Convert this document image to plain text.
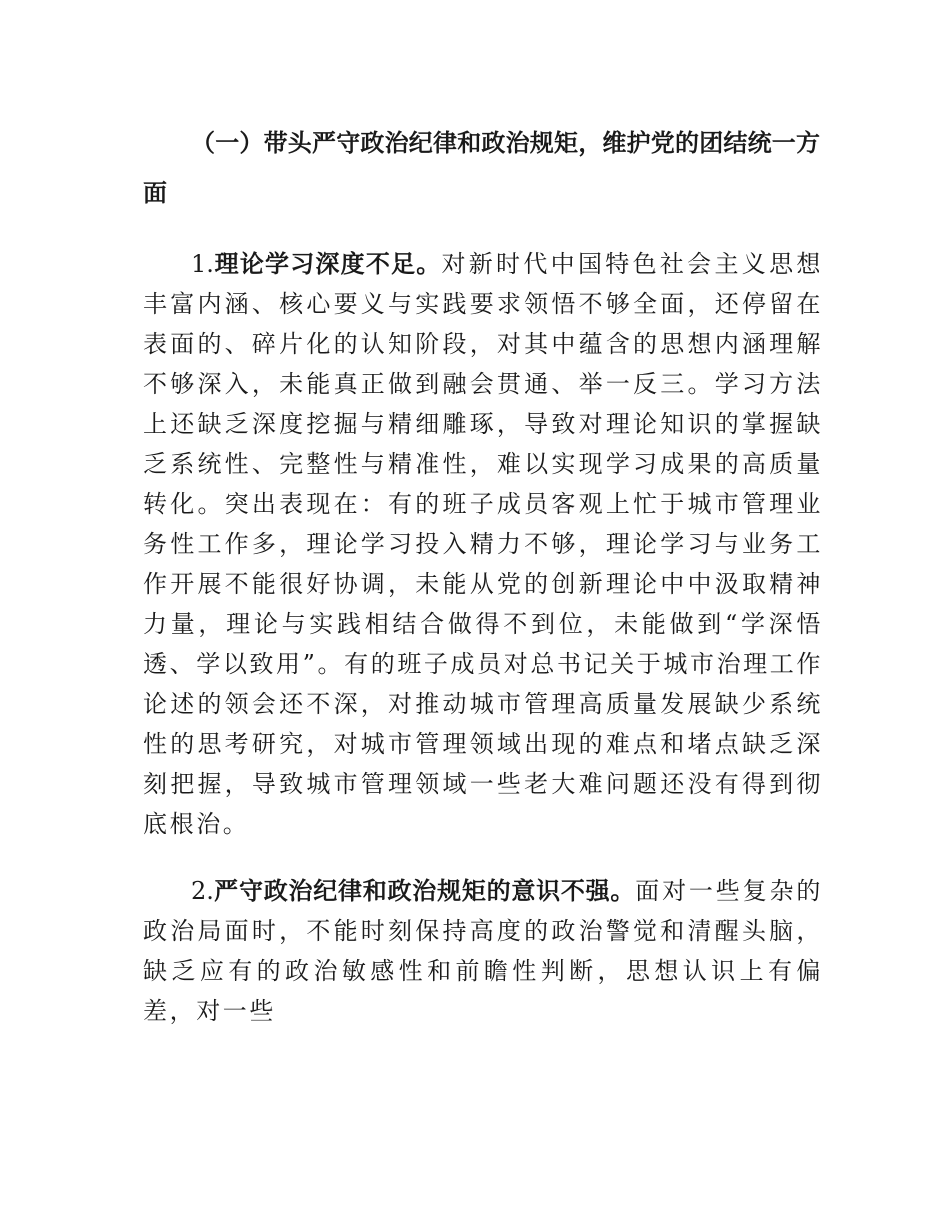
（一）带头严守政治纪律和政治规矩，维护党的团结统一方面

1.理论学习深度不足。对新时代中国特色社会主义思想丰富内涵、核心要义与实践要求领悟不够全面，还停留在表面的、碎片化的认知阶段，对其中蕴含的思想内涵理解不够深入，未能真正做到融会贯通、举一反三。学习方法上还缺乏深度挖掘与精细雕琢，导致对理论知识的掌握缺乏系统性、完整性与精准性，难以实现学习成果的高质量转化。突出表现在：有的班子成员客观上忙于城市管理业务性工作多，理论学习投入精力不够，理论学习与业务工作开展不能很好协调，未能从党的创新理论中中汲取精神力量，理论与实践相结合做得不到位，未能做到“学深悟透、学以致用”。有的班子成员对总书记关于城市治理工作论述的领会还不深，对推动城市管理高质量发展缺少系统性的思考研究，对城市管理领域出现的难点和堵点缺乏深刻把握，导致城市管理领域一些老大难问题还没有得到彻底根治。

2.严守政治纪律和政治规矩的意识不强。面对一些复杂的政治局面时，不能时刻保持高度的政治警觉和清醒头脑，缺乏应有的政治敏感性和前瞻性判断，思想认识上有偏差，对一些
